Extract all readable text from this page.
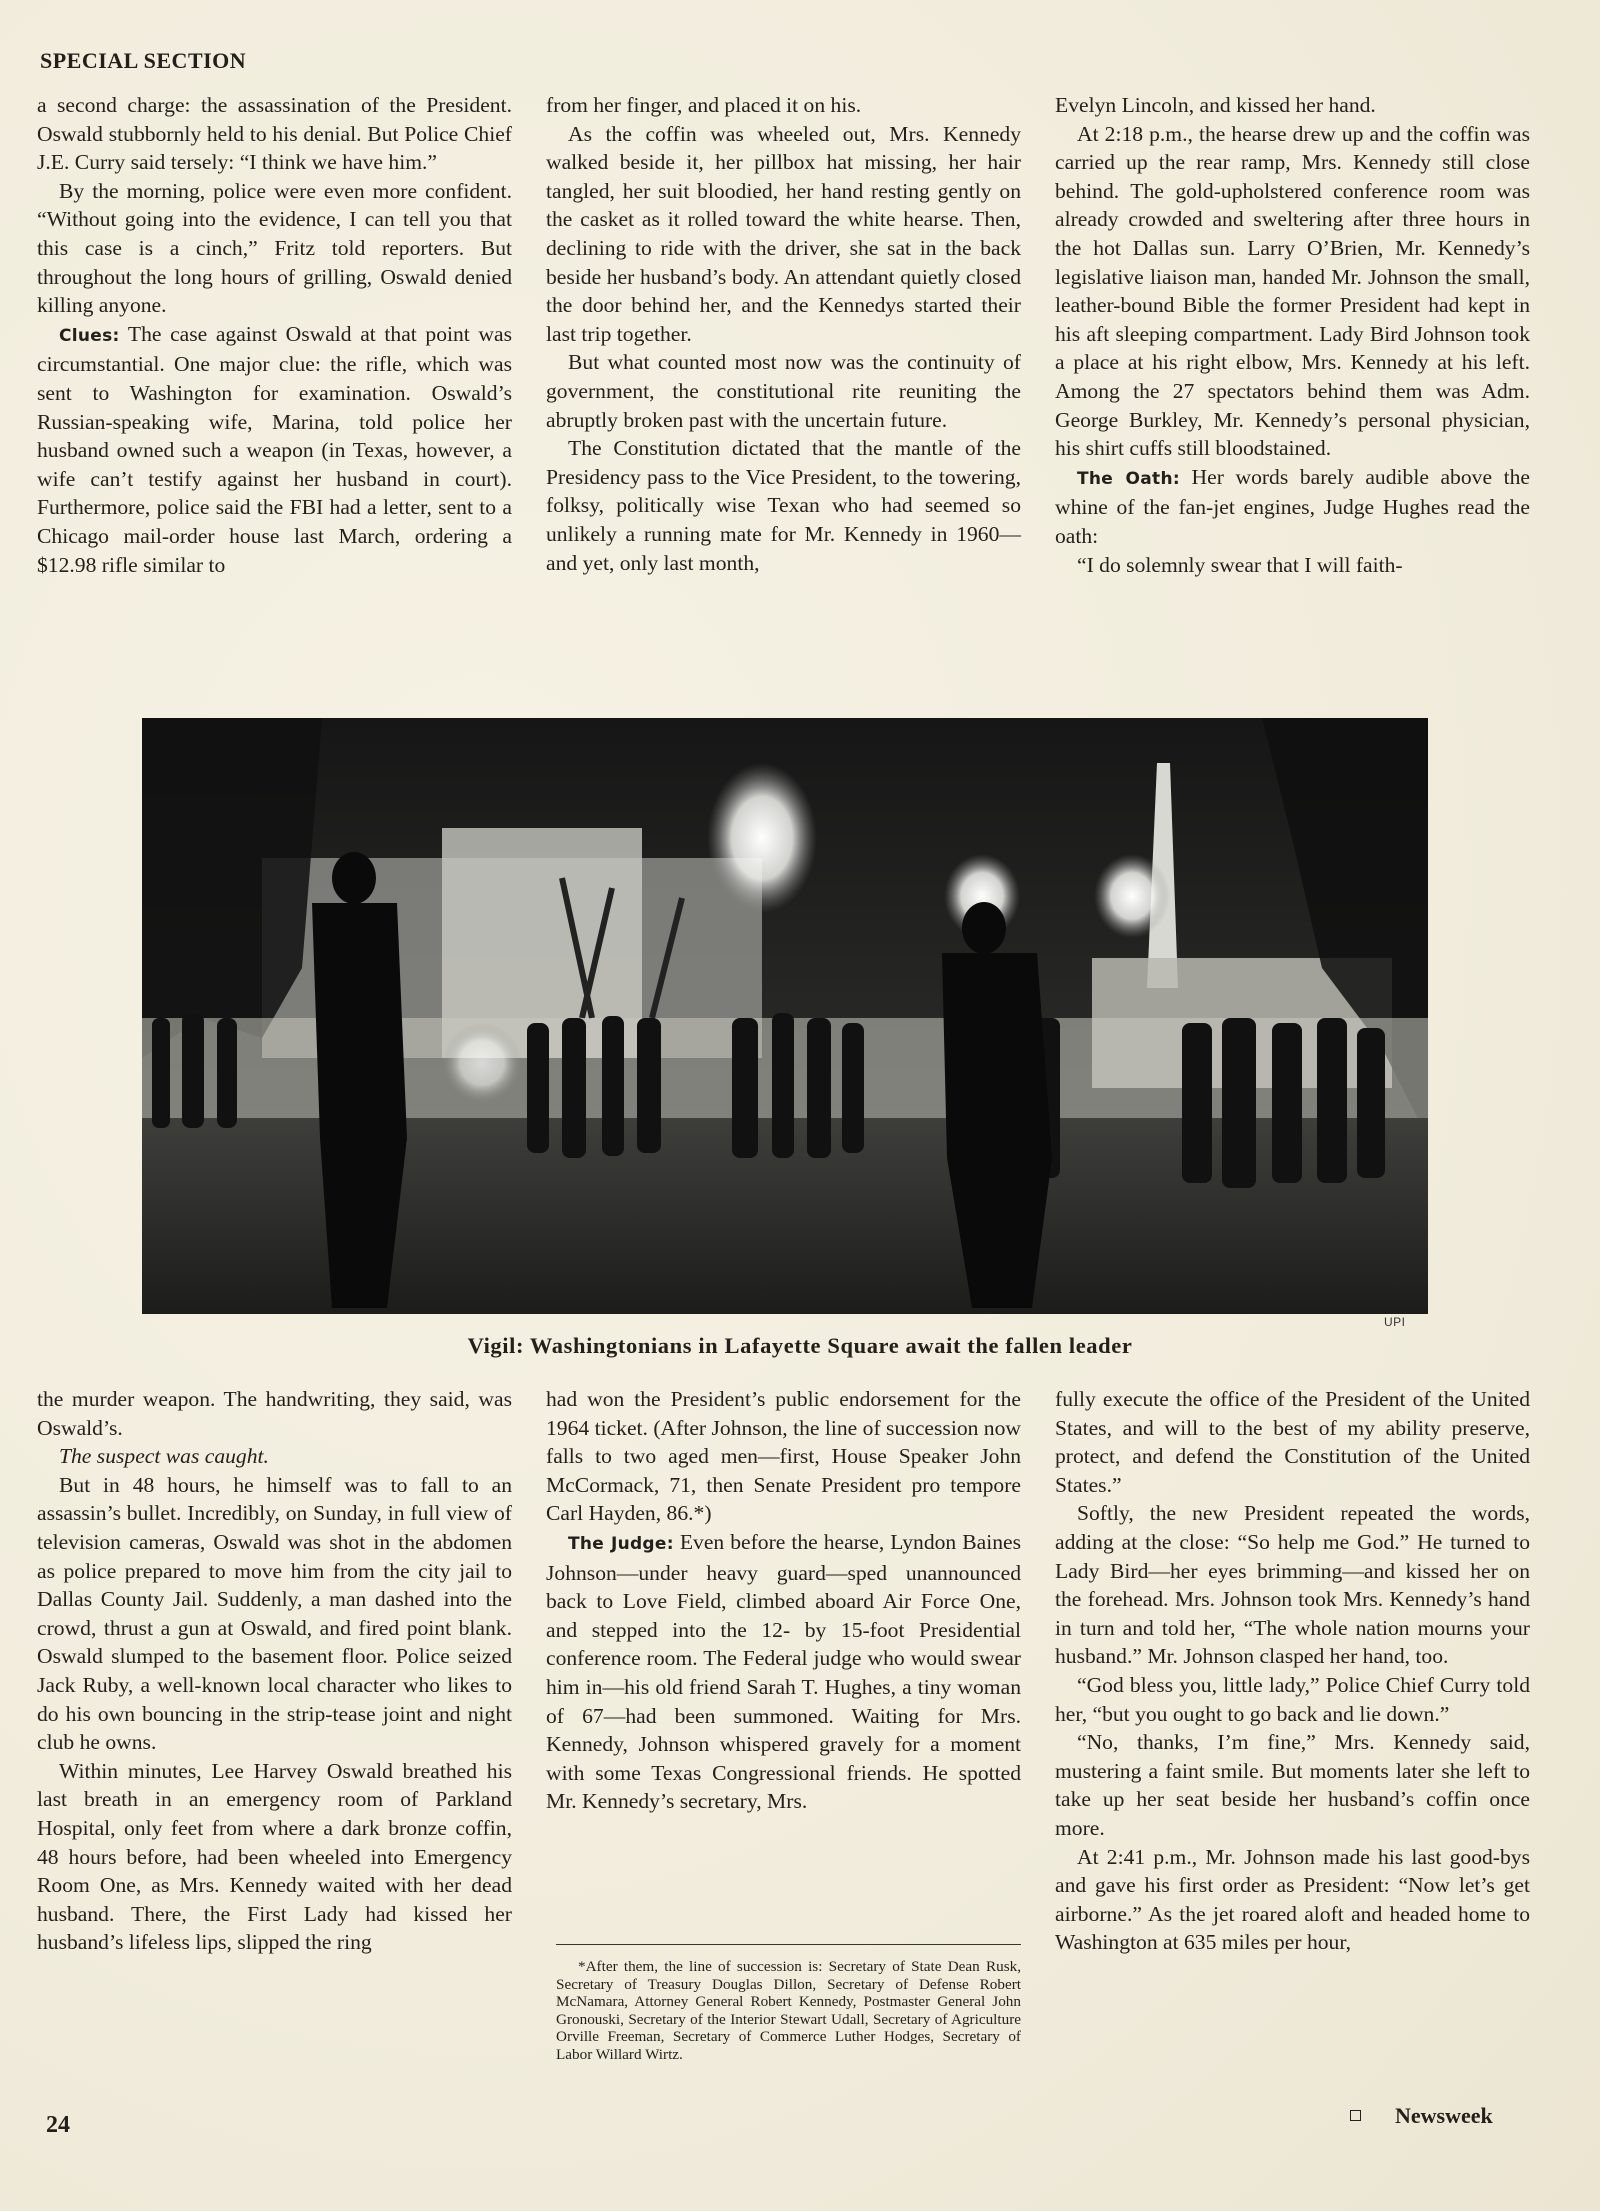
SPECIAL SECTION

a second charge: the assassination of the President. Oswald stubbornly held to his denial. But Police Chief J.E. Curry said tersely: “I think we have him.”

By the morning, police were even more confident. “Without going into the evidence, I can tell you that this case is a cinch,” Fritz told reporters. But throughout the long hours of grilling, Oswald denied killing anyone.

Clues: The case against Oswald at that point was circumstantial. One major clue: the rifle, which was sent to Washington for examination. Oswald’s Russian-speaking wife, Marina, told police her husband owned such a weapon (in Texas, however, a wife can’t testify against her husband in court). Furthermore, police said the FBI had a letter, sent to a Chicago mail-order house last March, ordering a $12.98 rifle similar to

from her finger, and placed it on his.

As the coffin was wheeled out, Mrs. Kennedy walked beside it, her pillbox hat missing, her hair tangled, her suit bloodied, her hand resting gently on the casket as it rolled toward the white hearse. Then, declining to ride with the driver, she sat in the back beside her husband’s body. An attendant quietly closed the door behind her, and the Kennedys started their last trip together.

But what counted most now was the continuity of government, the constitutional rite reuniting the abruptly broken past with the uncertain future.

The Constitution dictated that the mantle of the Presidency pass to the Vice President, to the towering, folksy, politically wise Texan who had seemed so unlikely a running mate for Mr. Kennedy in 1960—and yet, only last month,

Evelyn Lincoln, and kissed her hand.

At 2:18 p.m., the hearse drew up and the coffin was carried up the rear ramp, Mrs. Kennedy still close behind. The gold-upholstered conference room was already crowded and sweltering after three hours in the hot Dallas sun. Larry O’Brien, Mr. Kennedy’s legislative liaison man, handed Mr. Johnson the small, leather-bound Bible the former President had kept in his aft sleeping compartment. Lady Bird Johnson took a place at his right elbow, Mrs. Kennedy at his left. Among the 27 spectators behind them was Adm. George Burkley, Mr. Kennedy’s personal physician, his shirt cuffs still bloodstained.

The Oath: Her words barely audible above the whine of the fan-jet engines, Judge Hughes read the oath:

“I do solemnly swear that I will faith-

UPI
Vigil: Washingtonians in Lafayette Square await the fallen leader

the murder weapon. The handwriting, they said, was Oswald’s.

The suspect was caught.

But in 48 hours, he himself was to fall to an assassin’s bullet. Incredibly, on Sunday, in full view of television cameras, Oswald was shot in the abdomen as police prepared to move him from the city jail to Dallas County Jail. Suddenly, a man dashed into the crowd, thrust a gun at Oswald, and fired point blank. Oswald slumped to the basement floor. Police seized Jack Ruby, a well-known local character who likes to do his own bouncing in the strip-tease joint and night club he owns.

Within minutes, Lee Harvey Oswald breathed his last breath in an emergency room of Parkland Hospital, only feet from where a dark bronze coffin, 48 hours before, had been wheeled into Emergency Room One, as Mrs. Kennedy waited with her dead husband. There, the First Lady had kissed her husband’s lifeless lips, slipped the ring

had won the President’s public endorsement for the 1964 ticket. (After Johnson, the line of succession now falls to two aged men—first, House Speaker John McCormack, 71, then Senate President pro tempore Carl Hayden, 86.*)

The Judge: Even before the hearse, Lyndon Baines Johnson—under heavy guard—sped unannounced back to Love Field, climbed aboard Air Force One, and stepped into the 12- by 15-foot Presidential conference room. The Federal judge who would swear him in—his old friend Sarah T. Hughes, a tiny woman of 67—had been summoned. Waiting for Mrs. Kennedy, Johnson whispered gravely for a moment with some Texas Congressional friends. He spotted Mr. Kennedy’s secretary, Mrs.

*After them, the line of succession is: Secretary of State Dean Rusk, Secretary of Treasury Douglas Dillon, Secretary of Defense Robert McNamara, Attorney General Robert Kennedy, Postmaster General John Gronouski, Secretary of the Interior Stewart Udall, Secretary of Agriculture Orville Freeman, Secretary of Commerce Luther Hodges, Secretary of Labor Willard Wirtz.

fully execute the office of the President of the United States, and will to the best of my ability preserve, protect, and defend the Constitution of the United States.”

Softly, the new President repeated the words, adding at the close: “So help me God.” He turned to Lady Bird—her eyes brimming—and kissed her on the forehead. Mrs. Johnson took Mrs. Kennedy’s hand in turn and told her, “The whole nation mourns your husband.” Mr. Johnson clasped her hand, too.

“God bless you, little lady,” Police Chief Curry told her, “but you ought to go back and lie down.”

“No, thanks, I’m fine,” Mrs. Kennedy said, mustering a faint smile. But moments later she left to take up her seat beside her husband’s coffin once more.

At 2:41 p.m., Mr. Johnson made his last good-bys and gave his first order as President: “Now let’s get airborne.” As the jet roared aloft and headed home to Washington at 635 miles per hour,

24	Newsweek
